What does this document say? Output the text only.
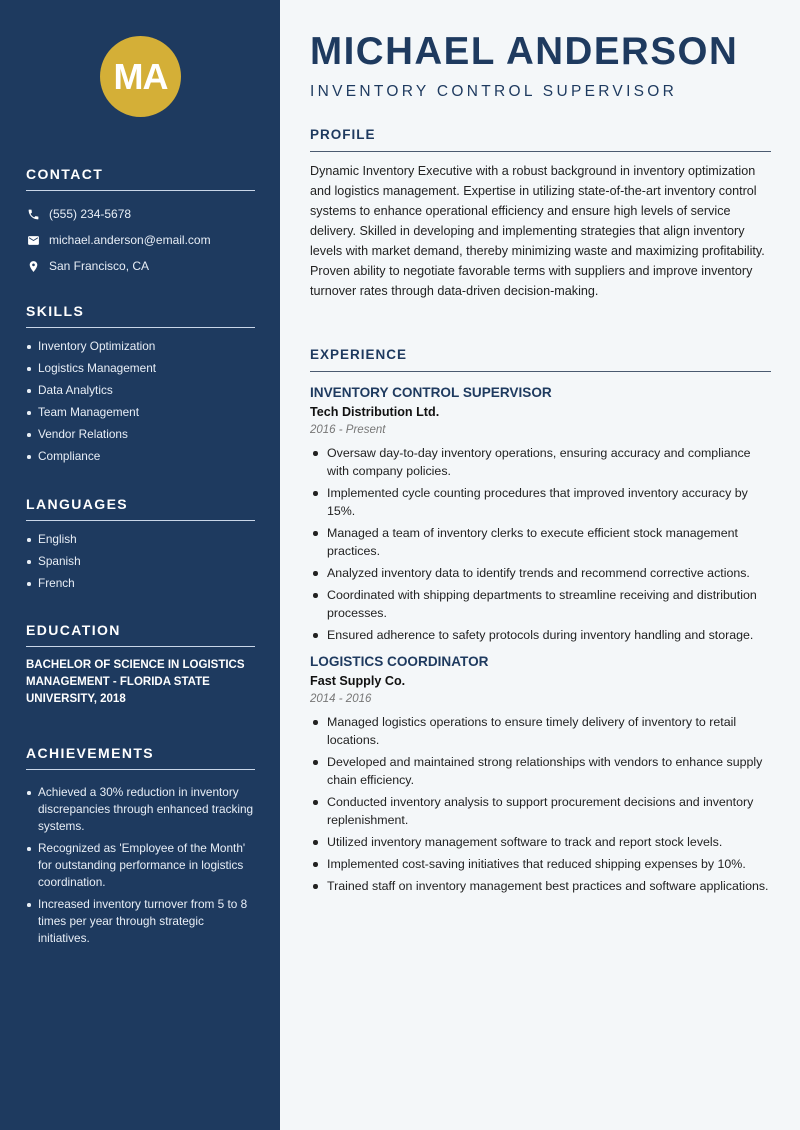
MA
CONTACT
(555) 234-5678
michael.anderson@email.com
San Francisco, CA
SKILLS
Inventory Optimization
Logistics Management
Data Analytics
Team Management
Vendor Relations
Compliance
LANGUAGES
English
Spanish
French
EDUCATION
BACHELOR OF SCIENCE IN LOGISTICS MANAGEMENT - FLORIDA STATE UNIVERSITY, 2018
ACHIEVEMENTS
Achieved a 30% reduction in inventory discrepancies through enhanced tracking systems.
Recognized as 'Employee of the Month' for outstanding performance in logistics coordination.
Increased inventory turnover from 5 to 8 times per year through strategic initiatives.
MICHAEL ANDERSON
INVENTORY CONTROL SUPERVISOR
PROFILE

Dynamic Inventory Executive with a robust background in inventory optimization and logistics management. Expertise in utilizing state-of-the-art inventory control systems to enhance operational efficiency and ensure high levels of service delivery. Skilled in developing and implementing strategies that align inventory levels with market demand, thereby minimizing waste and maximizing profitability. Proven ability to negotiate favorable terms with suppliers and improve inventory turnover rates through data-driven decision-making.

EXPERIENCE
INVENTORY CONTROL SUPERVISOR
Tech Distribution Ltd.
2016 - Present
Oversaw day-to-day inventory operations, ensuring accuracy and compliance with company policies.
Implemented cycle counting procedures that improved inventory accuracy by 15%.
Managed a team of inventory clerks to execute efficient stock management practices.
Analyzed inventory data to identify trends and recommend corrective actions.
Coordinated with shipping departments to streamline receiving and distribution processes.
Ensured adherence to safety protocols during inventory handling and storage.
LOGISTICS COORDINATOR
Fast Supply Co.
2014 - 2016
Managed logistics operations to ensure timely delivery of inventory to retail locations.
Developed and maintained strong relationships with vendors to enhance supply chain efficiency.
Conducted inventory analysis to support procurement decisions and inventory replenishment.
Utilized inventory management software to track and report stock levels.
Implemented cost-saving initiatives that reduced shipping expenses by 10%.
Trained staff on inventory management best practices and software applications.
